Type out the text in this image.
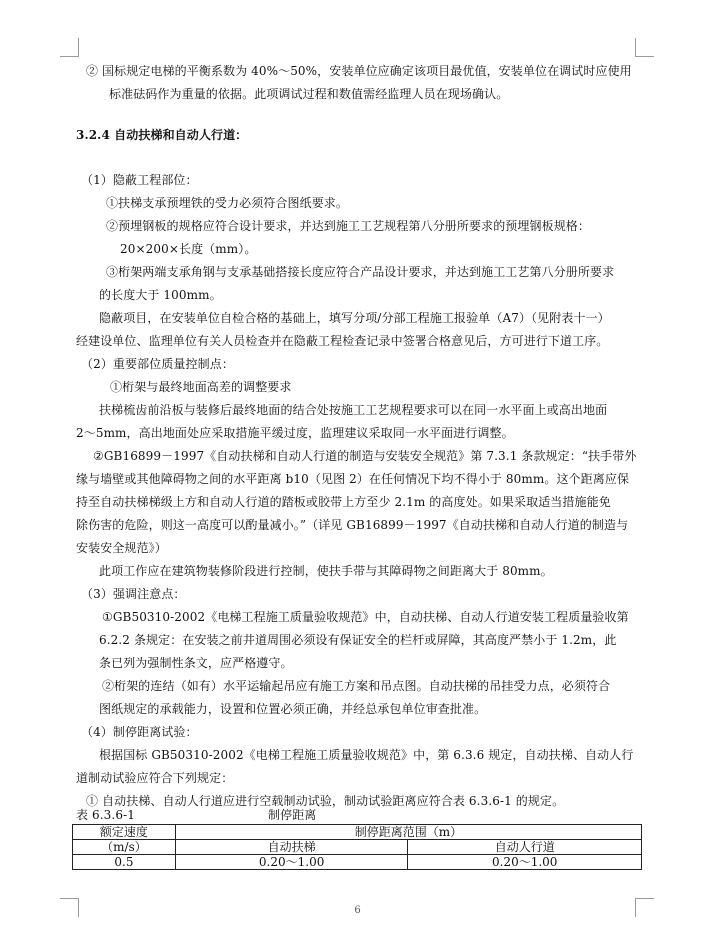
② 国标规定电梯的平衡系数为 40%～50%，安装单位应确定该项目最优值，安装单位在调试时应使用
标准砝码作为重量的依据。此项调试过程和数值需经监理人员在现场确认。
3.2.4 自动扶梯和自动人行道：
（1）隐蔽工程部位：
①扶梯支承预埋铁的受力必须符合图纸要求。
②预埋钢板的规格应符合设计要求，并达到施工工艺规程第八分册所要求的预埋钢板规格：
20×200×长度（mm）。
③桁架两端支承角钢与支承基础搭接长度应符合产品设计要求，并达到施工工艺第八分册所要求
的长度大于 100mm。
隐蔽项目，在安装单位自检合格的基础上，填写分项/分部工程施工报验单（A7）（见附表十一）
经建设单位、监理单位有关人员检查并在隐蔽工程检查记录中签署合格意见后，方可进行下道工序。
（2）重要部位质量控制点：
①桁架与最终地面高差的调整要求
扶梯梳齿前沿板与装修后最终地面的结合处按施工工艺规程要求可以在同一水平面上或高出地面
2～5mm，高出地面处应采取措施平缓过度，监理建议采取同一水平面进行调整。
②GB16899－1997《自动扶梯和自动人行道的制造与安装安全规范》第 7.3.1 条款规定：“扶手带外
缘与墙壁或其他障碍物之间的水平距离 b10（见图 2）在任何情况下均不得小于 80mm。这个距离应保
持至自动扶梯梯级上方和自动人行道的踏板或胶带上方至少 2.1m 的高度处。如果采取适当措施能免
除伤害的危险，则这一高度可以酌量减小。”（详见 GB16899－1997《自动扶梯和自动人行道的制造与
安装安全规范》）
此项工作应在建筑物装修阶段进行控制，使扶手带与其障碍物之间距离大于 80mm。
（3）强调注意点：
①GB50310-2002《电梯工程施工质量验收规范》中，自动扶梯、自动人行道安装工程质量验收第
6.2.2 条规定：在安装之前井道周围必须设有保证安全的栏杆或屏障，其高度严禁小于 1.2m，此
条已列为强制性条文，应严格遵守。
②桁架的连结（如有）水平运输起吊应有施工方案和吊点图。自动扶梯的吊挂受力点，必须符合
图纸规定的承载能力，设置和位置必须正确，并经总承包单位审查批准。
（4）制停距离试验：
根据国标 GB50310-2002《电梯工程施工质量验收规范》中，第 6.3.6 规定，自动扶梯、自动人行
道制动试验应符合下列规定：
① 自动扶梯、自动人行道应进行空载制动试验，制动试验距离应符合表 6.3.6-1 的规定。
表 6.3.6-1	制停距离
额定速度	制停距离范围（m）	
（m/s）	自动扶梯	自动人行道
0.5	0.20～1.00	0.20～1.00
6
